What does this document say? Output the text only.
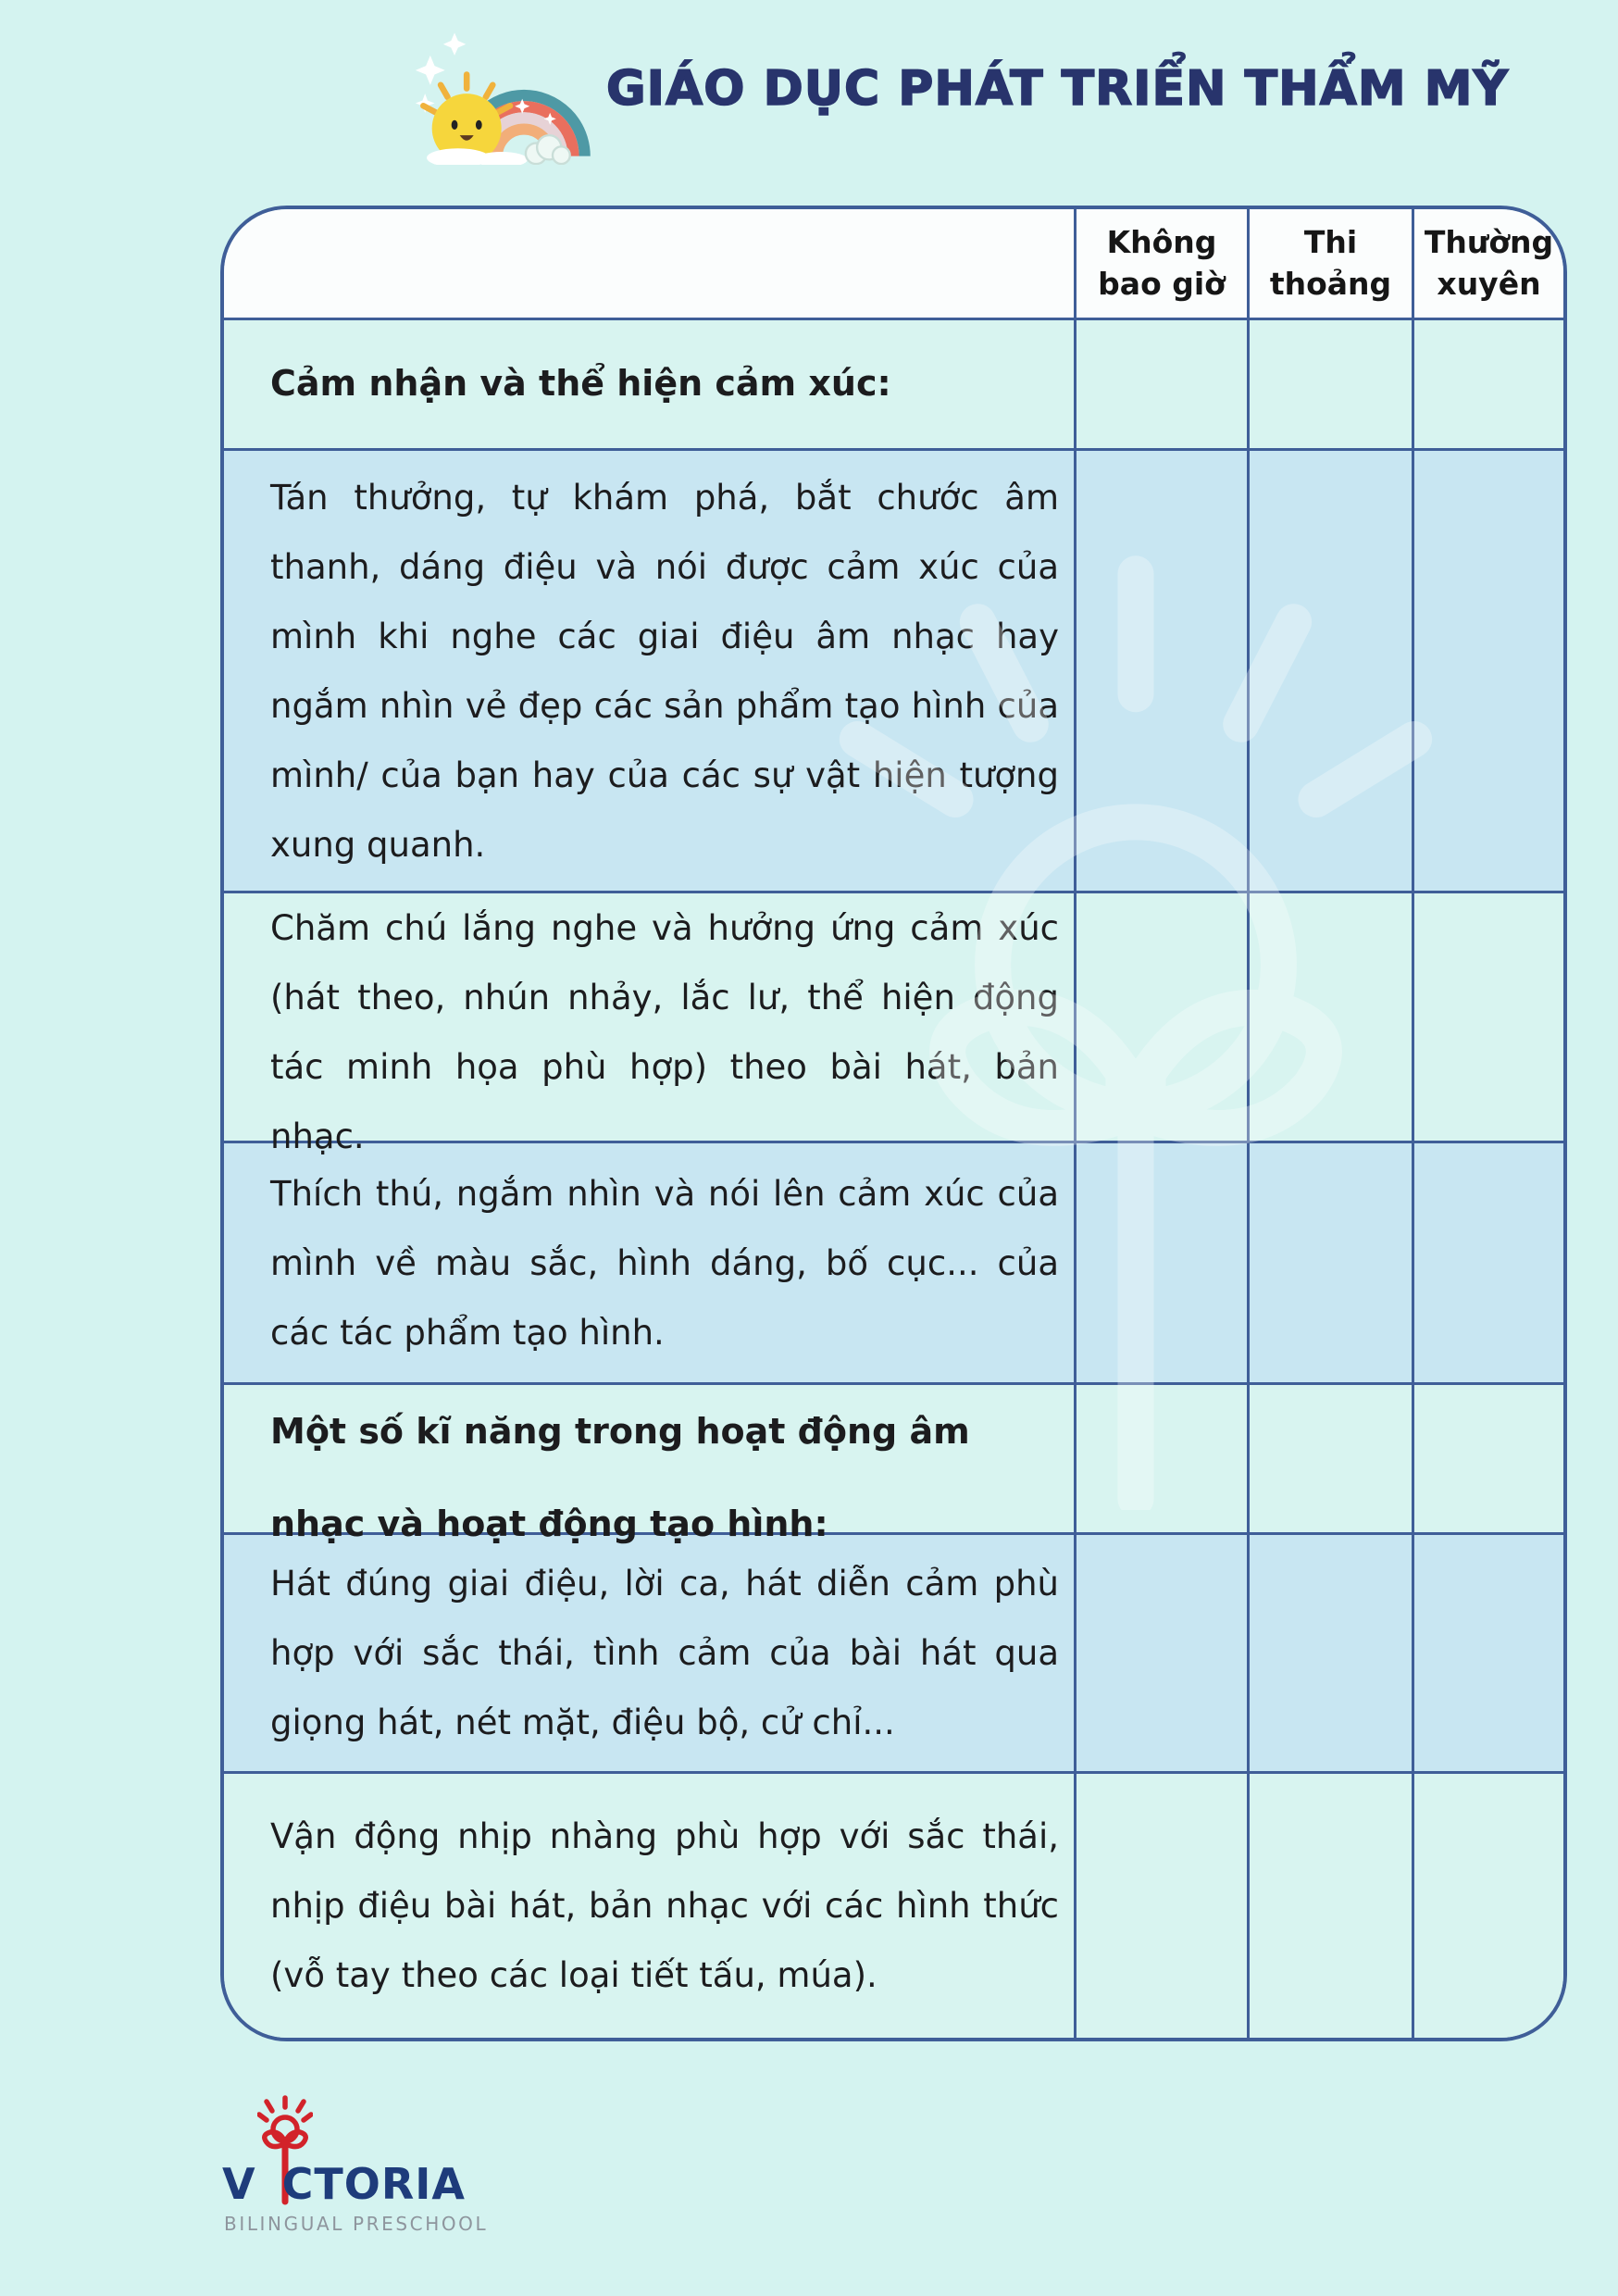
GIÁO DỤC PHÁT TRIỂN THẨM MỸ
Không bao giờ
Thi thoảng
Thường xuyên
Cảm nhận và thể hiện cảm xúc:
Tán thưởng, tự khám phá, bắt chước âm thanh, dáng điệu và nói được cảm xúc của mình khi nghe các giai điệu âm nhạc hay ngắm nhìn vẻ đẹp các sản phẩm tạo hình của mình/ của bạn hay của các sự vật hiện tượng xung quanh.
Chăm chú lắng nghe và hưởng ứng cảm xúc (hát theo, nhún nhảy, lắc lư, thể hiện động tác minh họa phù hợp) theo bài hát, bản nhạc.
Thích thú, ngắm nhìn và nói lên cảm xúc của mình về màu sắc, hình dáng, bố cục... của các tác phẩm tạo hình.
Một số kĩ năng trong hoạt động âm nhạc và hoạt động tạo hình:
Hát đúng giai điệu, lời ca, hát diễn cảm phù hợp với sắc thái, tình cảm của bài hát qua giọng hát, nét mặt, điệu bộ, cử chỉ...
Vận động nhịp nhàng phù hợp với sắc thái, nhịp điệu bài hát, bản nhạc với các hình thức (vỗ tay theo các loại tiết tấu, múa).
V CTORIA
BILINGUAL PRESCHOOL
